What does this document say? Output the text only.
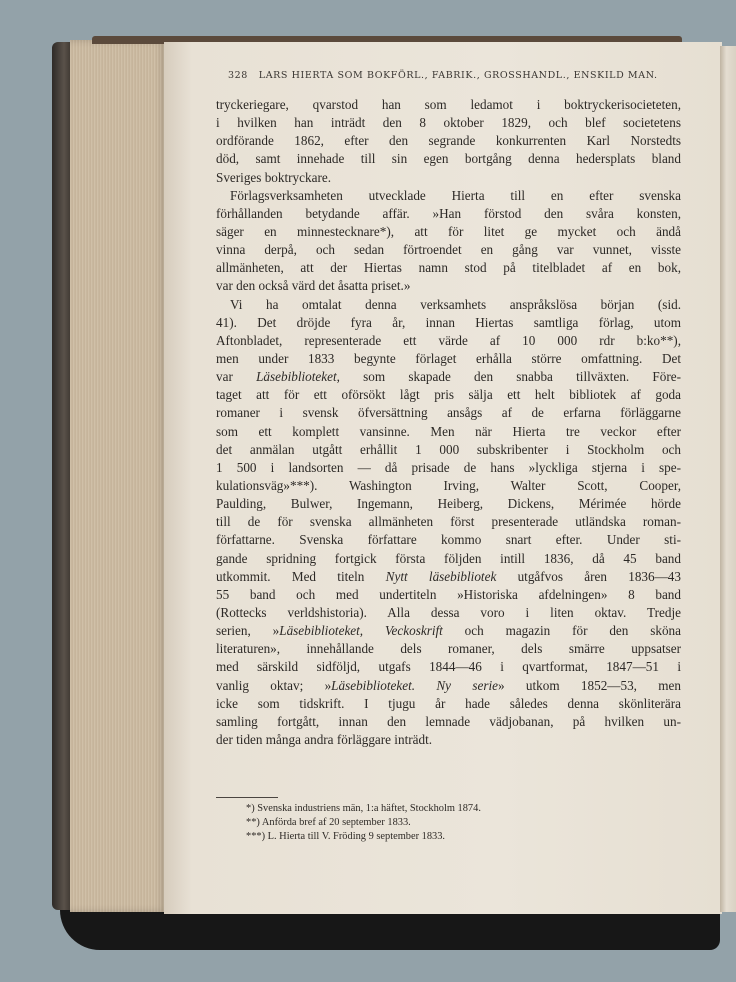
328 LARS HIERTA SOM BOKFÖRL., FABRIK., GROSSHANDL., ENSKILD MAN.
tryckeriegare, qvarstod han som ledamot i boktryckerisocieteten,
i hvilken han inträdt den 8 oktober 1829, och blef societetens
ordförande 1862, efter den segrande konkurrenten Karl Norstedts
död, samt innehade till sin egen bortgång denna hedersplats bland
Sveriges boktryckare.
Förlagsverksamheten utvecklade Hierta till en efter svenska
förhållanden betydande affär. »Han förstod den svåra konsten,
säger en minnestecknare*), att för litet ge mycket och ändå
vinna derpå, och sedan förtroendet en gång var vunnet, visste
allmänheten, att der Hiertas namn stod på titelbladet af en bok,
var den också värd det åsatta priset.»
Vi ha omtalat denna verksamhets anspråkslösa början (sid.
41). Det dröjde fyra år, innan Hiertas samtliga förlag, utom
Aftonbladet, representerade ett värde af 10 000 rdr b:ko**),
men under 1833 begynte förlaget erhålla större omfattning. Det
var Läsebiblioteket, som skapade den snabba tillväxten. Före-
taget att för ett oförsökt lågt pris sälja ett helt bibliotek af goda
romaner i svensk öfversättning ansågs af de erfarna förläggarne
som ett komplett vansinne. Men när Hierta tre veckor efter
det anmälan utgått erhållit 1 000 subskribenter i Stockholm och
1 500 i landsorten — då prisade de hans »lyckliga stjerna i spe-
kulationsväg»***). Washington Irving, Walter Scott, Cooper,
Paulding, Bulwer, Ingemann, Heiberg, Dickens, Mérimée hörde
till de för svenska allmänheten först presenterade utländska roman-
författarne. Svenska författare kommo snart efter. Under sti-
gande spridning fortgick första följden intill 1836, då 45 band
utkommit. Med titeln Nytt läsebibliotek utgåfvos åren 1836—43
55 band och med undertiteln »Historiska afdelningen» 8 band
(Rottecks verldshistoria). Alla dessa voro i liten oktav. Tredje
serien, »Läsebiblioteket, Veckoskrift och magazin för den sköna
literaturen», innehållande dels romaner, dels smärre uppsatser
med särskild sidföljd, utgafs 1844—46 i qvartformat, 1847—51 i
vanlig oktav; »Läsebiblioteket. Ny serie» utkom 1852—53, men
icke som tidskrift. I tjugu år hade således denna skönliterära
samling fortgått, innan den lemnade vädjobanan, på hvilken un-
der tiden många andra förläggare inträdt.
*) Svenska industriens män, 1:a häftet, Stockholm 1874.
**) Anförda bref af 20 september 1833.
***) L. Hierta till V. Fröding 9 september 1833.
